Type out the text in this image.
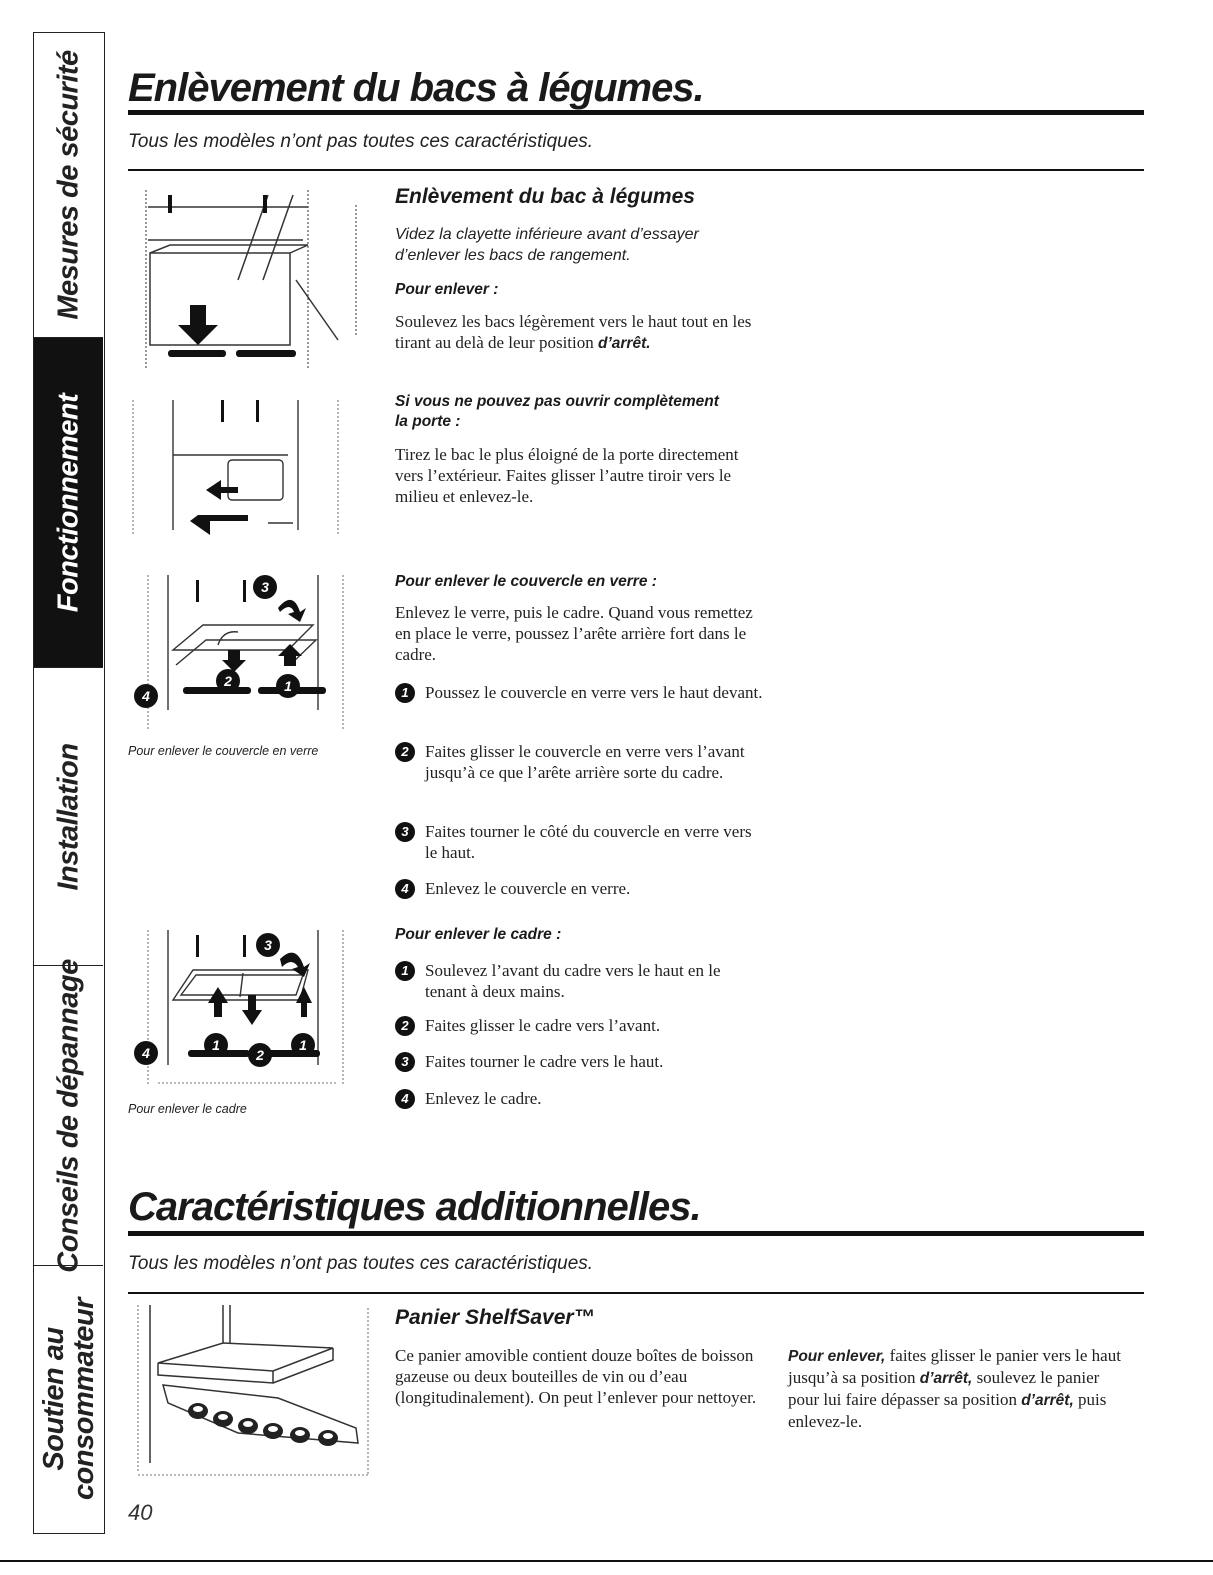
Mesures de sécurité
Fonctionnement
Installation
Conseils de dépannage
Soutien au
consommateur
Enlèvement du bacs à légumes.
Tous les modèles n’ont pas toutes ces caractéristiques.
3
2	1
4
Pour enlever le couvercle en verre
3
1
2
1
4
Pour enlever le cadre
Enlèvement du bac à légumes
Videz la clayette inférieure avant d’essayer d’enlever les bacs de rangement.
Pour enlever :
Soulevez les bacs légèrement vers le haut tout en les tirant au delà de leur position d’arrêt.
Si vous ne pouvez pas ouvrir complètement la porte :
Tirez le bac le plus éloigné de la porte directement vers l’extérieur. Faites glisser l’autre tiroir vers le milieu et enlevez-le.
Pour enlever le couvercle en verre :
Enlevez le verre, puis le cadre. Quand vous remettez en place le verre, poussez l’arête arrière fort dans le cadre.
1 Poussez le couvercle en verre vers le haut devant.
2 Faites glisser le couvercle en verre vers l’avant jusqu’à ce que l’arête arrière sorte du cadre.
3 Faites tourner le côté du couvercle en verre vers le haut.
4 Enlevez le couvercle en verre.
Pour enlever le cadre :
1 Soulevez l’avant du cadre vers le haut en le tenant à deux mains.
2 Faites glisser le cadre vers l’avant.
3 Faites tourner le cadre vers le haut.
4 Enlevez le cadre.
Caractéristiques additionnelles.
Tous les modèles n’ont pas toutes ces caractéristiques.
Panier ShelfSaver™
Ce panier amovible contient douze boîtes de boisson gazeuse ou deux bouteilles de vin ou d’eau (longitudinalement). On peut l’enlever pour nettoyer.
Pour enlever, faites glisser le panier vers le haut jusqu’à sa position d’arrêt, soulevez le panier pour lui faire dépasser sa position d’arrêt, puis enlevez-le.
40
